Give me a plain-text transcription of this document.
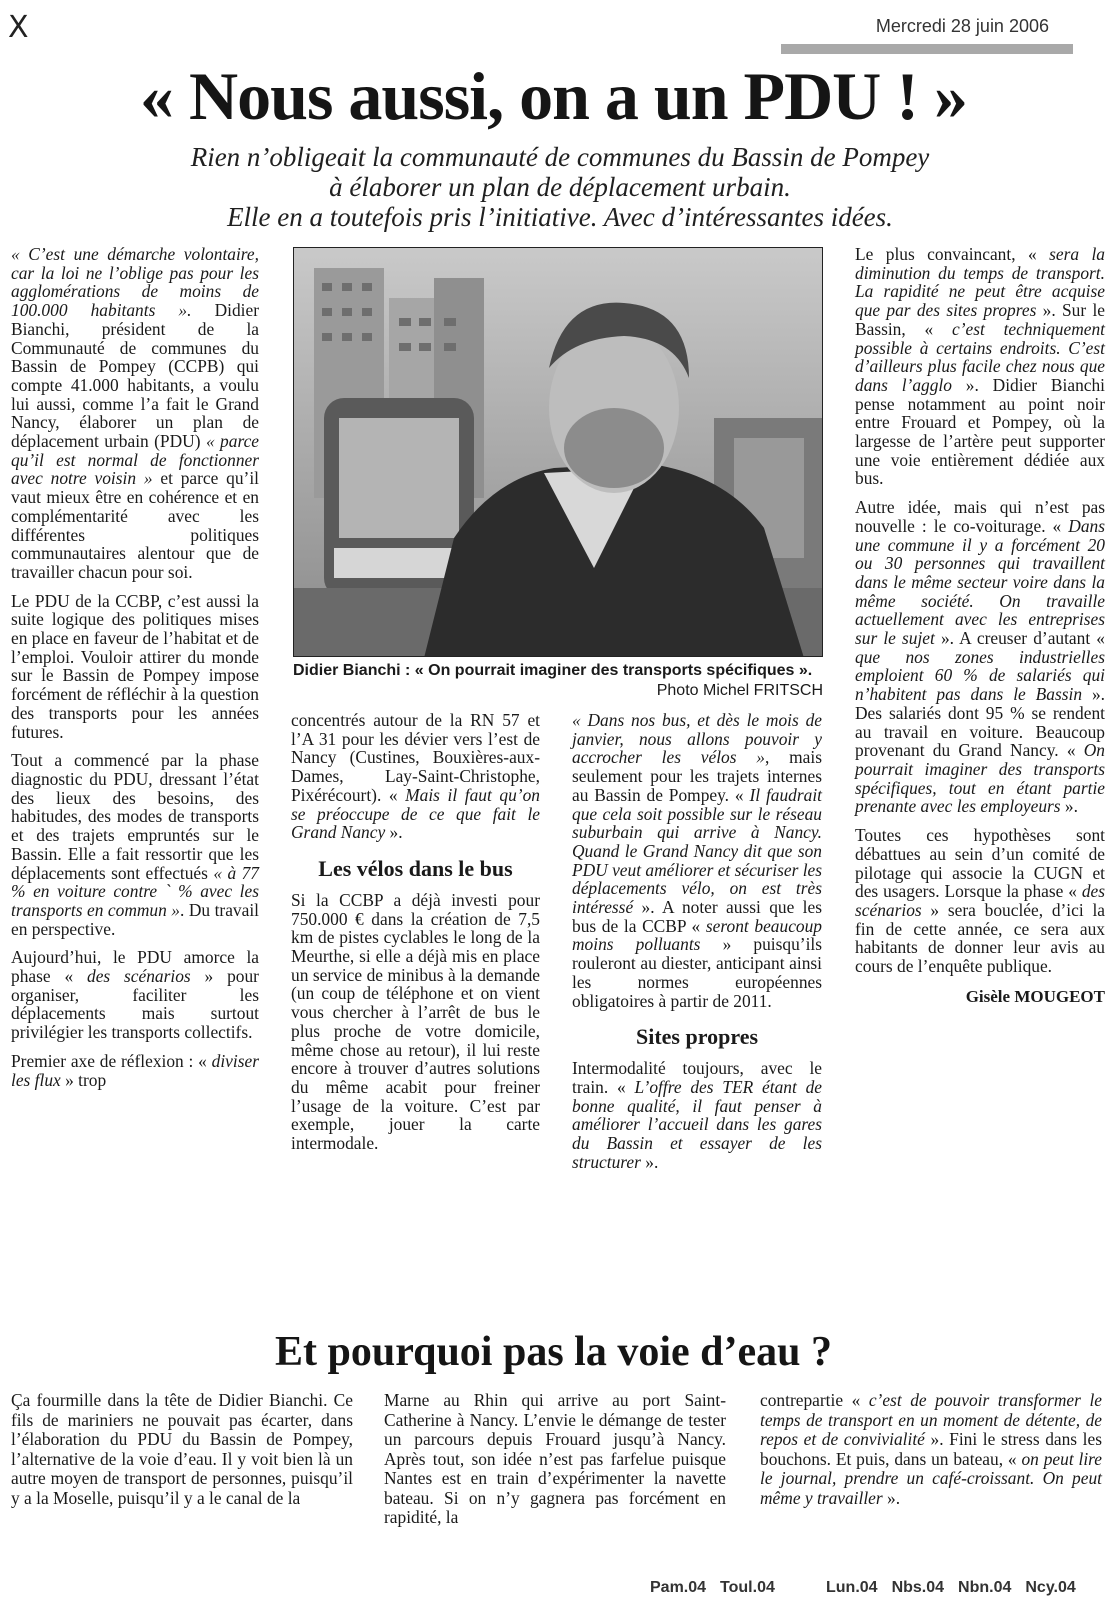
X	Mercredi 28 juin 2006
« Nous aussi, on a un PDU ! »
Rien n’obligeait la communauté de communes du Bassin de Pompey
à élaborer un plan de déplacement urbain.
Elle en a toutefois pris l’initiative. Avec d’intéressantes idées.

« C’est une démarche volontaire, car la loi ne l’oblige pas pour les agglomérations de moins de 100.000 habitants ». Didier Bianchi, président de la Communauté de communes du Bassin de Pompey (CCPB) qui compte 41.000 habitants, a voulu lui aussi, comme l’a fait le Grand Nancy, élaborer un plan de déplacement urbain (PDU) « parce qu’il est normal de fonctionner avec notre voisin » et parce qu’il vaut mieux être en cohérence et en complémentarité avec les différentes politiques communautaires alentour que de travailler chacun pour soi.

Le PDU de la CCBP, c’est aussi la suite logique des politiques mises en place en faveur de l’habitat et de l’emploi. Vouloir attirer du monde sur le Bassin de Pompey impose forcément de réfléchir à la question des transports pour les années futures.

Tout a commencé par la phase diagnostic du PDU, dressant l’état des lieux des besoins, des habitudes, des modes de transports et des trajets empruntés sur le Bassin. Elle a fait ressortir que les déplacements sont effectués « à 77 % en voiture contre ` % avec les transports en commun ». Du travail en perspective.

Aujourd’hui, le PDU amorce la phase « des scénarios » pour organiser, faciliter les déplacements mais surtout privilégier les transports collectifs.

Premier axe de réflexion : « diviser les flux » trop

Didier Bianchi : « On pourrait imaginer des transports spécifiques ».
Photo Michel FRITSCH

concentrés autour de la RN 57 et l’A 31 pour les dévier vers l’est de Nancy (Custines, Bouxières-aux-Dames, Lay-Saint-Christophe, Pixérécourt). « Mais il faut qu’on se préoccupe de ce que fait le Grand Nancy ».

Les vélos dans le bus

Si la CCBP a déjà investi pour 750.000 € dans la création de 7,5 km de pistes cyclables le long de la Meurthe, si elle a déjà mis en place un service de minibus à la demande (un coup de téléphone et on vient vous chercher à l’arrêt de bus le plus proche de votre domicile, même chose au retour), il lui reste encore à trouver d’autres solutions du même acabit pour freiner l’usage de la voiture. C’est par exemple, jouer la carte intermodale.

« Dans nos bus, et dès le mois de janvier, nous allons pouvoir y accrocher les vélos », mais seulement pour les trajets internes au Bassin de Pompey. « Il faudrait que cela soit possible sur le réseau suburbain qui arrive à Nancy. Quand le Grand Nancy dit que son PDU veut améliorer et sécuriser les déplacements vélo, on est très intéressé ». A noter aussi que les bus de la CCBP « seront beaucoup moins polluants » puisqu’ils rouleront au diester, anticipant ainsi les normes européennes obligatoires à partir de 2011.

Sites propres

Intermodalité toujours, avec le train. « L’offre des TER étant de bonne qualité, il faut penser à améliorer l’accueil dans les gares du Bassin et essayer de les structurer ».

Le plus convaincant, « sera la diminution du temps de transport. La rapidité ne peut être acquise que par des sites propres ». Sur le Bassin, « c’est techniquement possible à certains endroits. C’est d’ailleurs plus facile chez nous que dans l’agglo ». Didier Bianchi pense notamment au point noir entre Frouard et Pompey, où la largesse de l’artère peut supporter une voie entièrement dédiée aux bus.

Autre idée, mais qui n’est pas nouvelle : le co-voiturage. « Dans une commune il y a forcément 20 ou 30 personnes qui travaillent dans le même secteur voire dans la même société. On travaille actuellement avec les entreprises sur le sujet ». A creuser d’autant « que nos zones industrielles emploient 60 % de salariés qui n’habitent pas dans le Bassin ». Des salariés dont 95 % se rendent au travail en voiture. Beaucoup provenant du Grand Nancy. « On pourrait imaginer des transports spécifiques, tout en étant partie prenante avec les employeurs ».

Toutes ces hypothèses sont débattues au sein d’un comité de pilotage qui associe la CUGN et des usagers. Lorsque la phase « des scénarios » sera bouclée, d’ici la fin de cette année, ce sera aux habitants de donner leur avis au cours de l’enquête publique.

Gisèle MOUGEOT
Et pourquoi pas la voie d’eau ?
Ça fourmille dans la tête de Didier Bianchi. Ce fils de mariniers ne pouvait pas écarter, dans l’élaboration du PDU du Bassin de Pompey, l’alternative de la voie d’eau. Il y voit bien là un autre moyen de transport de personnes, puisqu’il y a la Moselle, puisqu’il y a le canal de la
Marne au Rhin qui arrive au port Saint-Catherine à Nancy. L’envie le démange de tester un parcours depuis Frouard jusqu’à Nancy. Après tout, son idée n’est pas farfelue puisque Nantes est en train d’expérimenter la navette bateau. Si on n’y gagnera pas forcément en rapidité, la
contrepartie « c’est de pouvoir transformer le temps de transport en un moment de détente, de repos et de convivialité ». Fini le stress dans les bouchons. Et puis, dans un bateau, « on peut lire le journal, prendre un café-croissant. On peut même y travailler ».
Pam.04 Toul.04	Lun.04 Nbs.04 Nbn.04 Ncy.04
